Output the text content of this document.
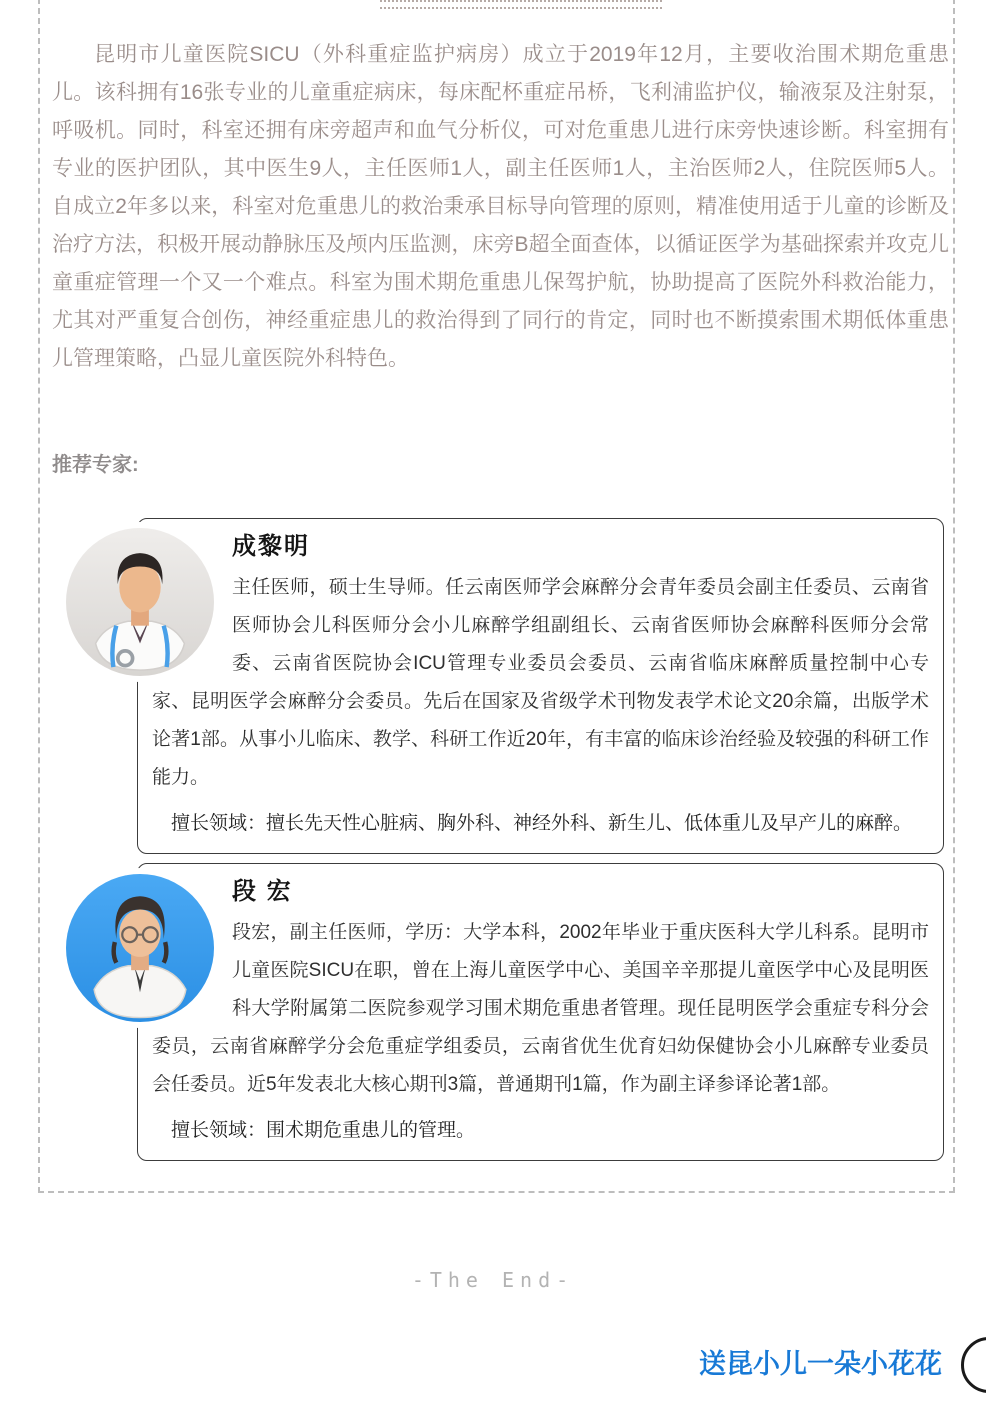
昆明市儿童医院SICU（外科重症监护病房）成立于2019年12月，主要收治围术期危重患儿。该科拥有16张专业的儿童重症病床，每床配杯重症吊桥，飞利浦监护仪，输液泵及注射泵，呼吸机。同时，科室还拥有床旁超声和血气分析仪，可对危重患儿进行床旁快速诊断。科室拥有专业的医护团队，其中医生9人，主任医师1人，副主任医师1人，主治医师2人，住院医师5人。自成立2年多以来，科室对危重患儿的救治秉承目标导向管理的原则，精准使用适于儿童的诊断及治疗方法，积极开展动静脉压及颅内压监测，床旁B超全面查体，以循证医学为基础探索并攻克儿童重症管理一个又一个难点。科室为围术期危重患儿保驾护航，协助提高了医院外科救治能力，尤其对严重复合创伤，神经重症患儿的救治得到了同行的肯定，同时也不断摸索围术期低体重患儿管理策略，凸显儿童医院外科特色。

推荐专家:
成黎明

主任医师，硕士生导师。任云南医师学会麻醉分会青年委员会副主任委员、云南省医师协会儿科医师分会小儿麻醉学组副组长、云南省医师协会麻醉科医师分会常委、云南省医院协会ICU管理专业委员会委员、云南省临床麻醉质量控制中心专家、昆明医学会麻醉分会委员。先后在国家及省级学术刊物发表学术论文20余篇，出版学术论著1部。从事小儿临床、教学、科研工作近20年，有丰富的临床诊治经验及较强的科研工作能力。

擅长领域：擅长先天性心脏病、胸外科、神经外科、新生儿、低体重儿及早产儿的麻醉。

段 宏

段宏，副主任医师，学历：大学本科，2002年毕业于重庆医科大学儿科系。昆明市儿童医院SICU在职，曾在上海儿童医学中心、美国辛辛那提儿童医学中心及昆明医科大学附属第二医院参观学习围术期危重患者管理。现任昆明医学会重症专科分会委员，云南省麻醉学分会危重症学组委员，云南省优生优育妇幼保健协会小儿麻醉专业委员会任委员。近5年发表北大核心期刊3篇，普通期刊1篇，作为副主译参译论著1部。

擅长领域：围术期危重患儿的管理。

-The End-

送昆小儿一朵小花花
